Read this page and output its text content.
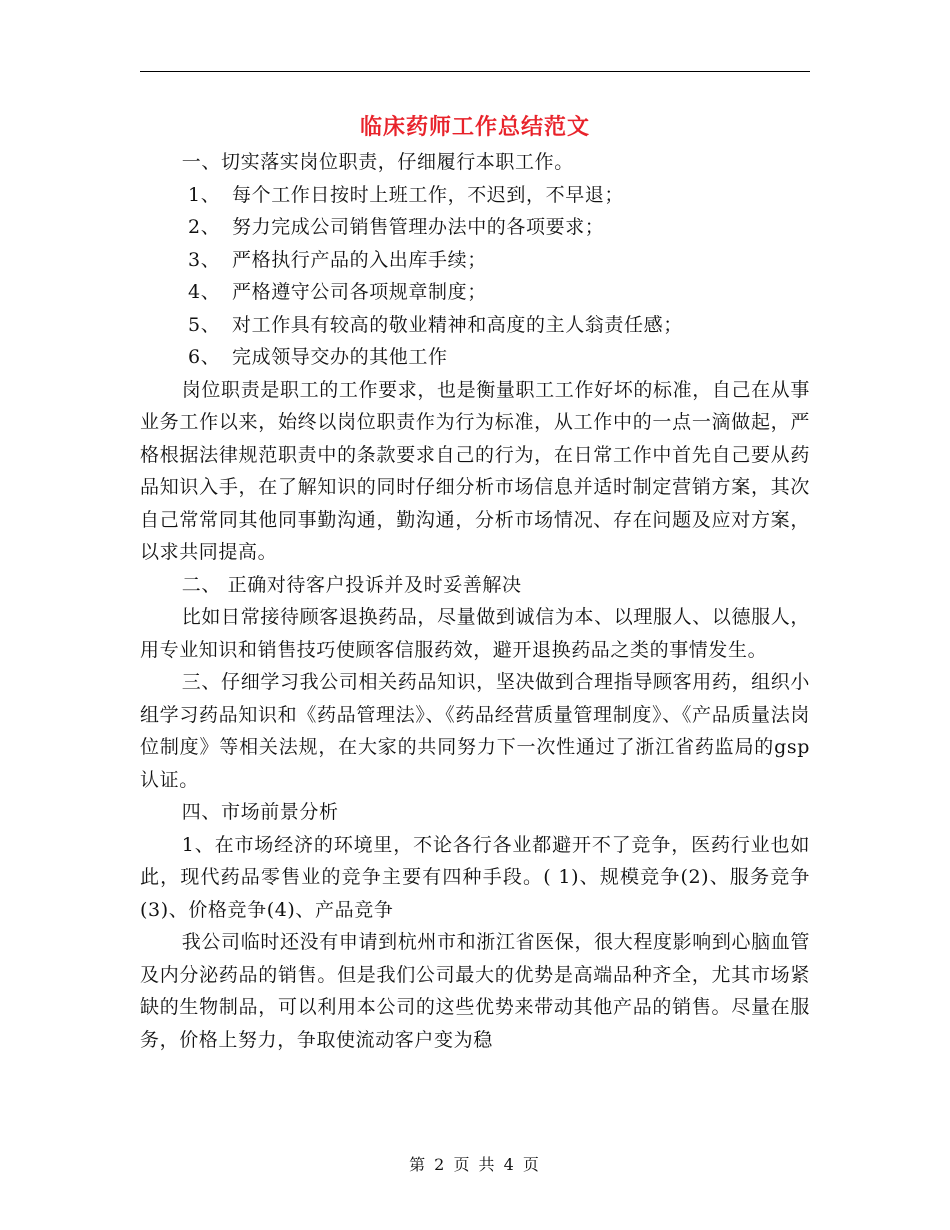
临床药师工作总结范文

一、切实落实岗位职责，仔细履行本职工作。

1、 每个工作日按时上班工作，不迟到，不早退；
2、 努力完成公司销售管理办法中的各项要求；
3、 严格执行产品的入出库手续；
4、 严格遵守公司各项规章制度；
5、 对工作具有较高的敬业精神和高度的主人翁责任感；
6、 完成领导交办的其他工作

岗位职责是职工的工作要求，也是衡量职工工作好坏的标准，自己在从事业务工作以来，始终以岗位职责作为行为标准，从工作中的一点一滴做起，严格根据法律规范职责中的条款要求自己的行为，在日常工作中首先自己要从药品知识入手，在了解知识的同时仔细分析市场信息并适时制定营销方案，其次自己常常同其他同事勤沟通，勤沟通，分析市场情况、存在问题及应对方案，以求共同提高。

二、 正确对待客户投诉并及时妥善解决

比如日常接待顾客退换药品，尽量做到诚信为本、以理服人、以德服人，用专业知识和销售技巧使顾客信服药效，避开退换药品之类的事情发生。

三、仔细学习我公司相关药品知识，坚决做到合理指导顾客用药，组织小组学习药品知识和《药品管理法》、《药品经营质量管理制度》、《产品质量法岗位制度》等相关法规，在大家的共同努力下一次性通过了浙江省药监局的gsp认证。

四、市场前景分析

1、在市场经济的环境里，不论各行各业都避开不了竞争，医药行业也如此，现代药品零售业的竞争主要有四种手段。( 1)、规模竞争(2)、服务竞争(3)、价格竞争(4)、产品竞争

我公司临时还没有申请到杭州市和浙江省医保，很大程度影响到心脑血管及内分泌药品的销售。但是我们公司最大的优势是高端品种齐全，尤其市场紧缺的生物制品，可以利用本公司的这些优势来带动其他产品的销售。尽量在服务，价格上努力，争取使流动客户变为稳

第 2 页 共 4 页
